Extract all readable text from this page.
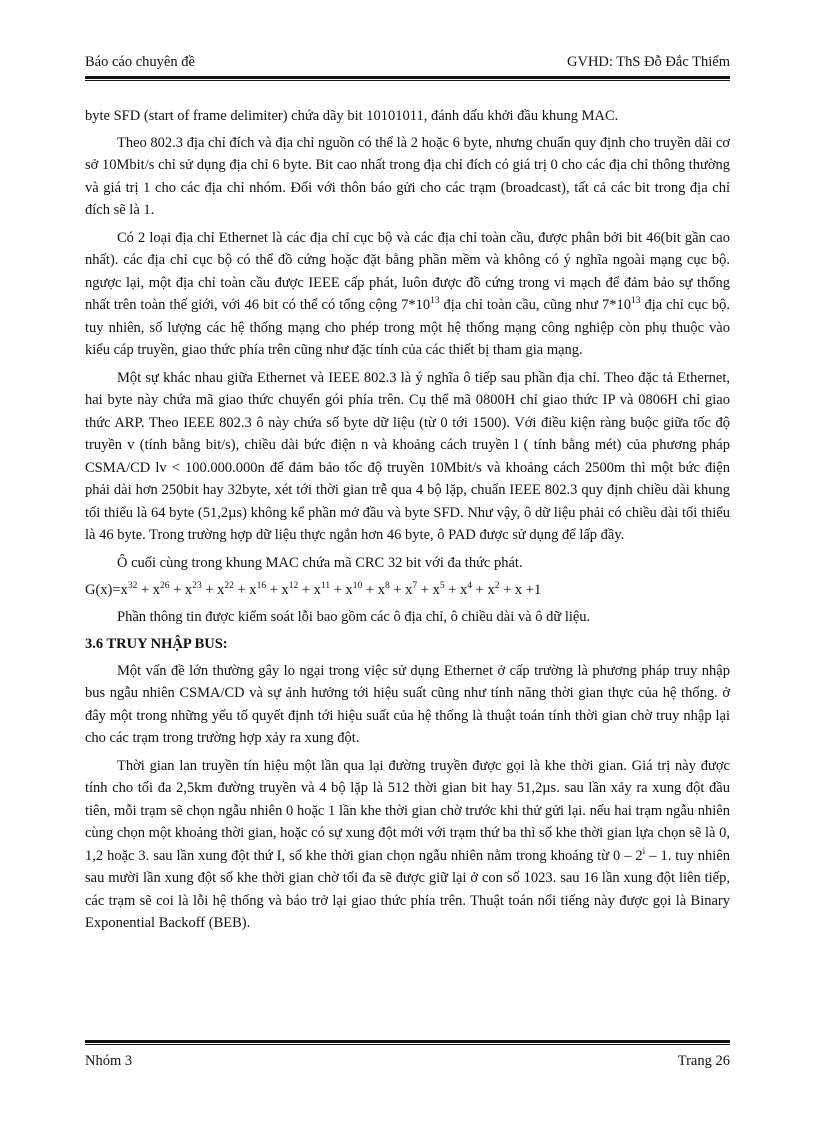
Báo cáo chuyên đề	GVHD: ThS Đỗ Đắc Thiểm

byte SFD (start of frame delimiter) chứa dãy bit 10101011, đánh dấu khởi đầu khung MAC.

Theo 802.3 địa chỉ đích và địa chỉ nguồn có thể là 2 hoặc 6 byte, nhưng chuẩn quy định cho truyền dãi cơ sở 10Mbit/s chỉ sử dụng địa chỉ 6 byte. Bit cao nhất trong địa chỉ đích có giá trị 0 cho các địa chỉ thông thường và giá trị 1 cho các địa chỉ nhóm. Đối với thôn báo gửi cho các trạm (broadcast), tất cả các bit trong địa chỉ đích sẽ là 1.

Có 2 loại địa chỉ Ethernet là các địa chỉ cục bộ và các địa chỉ toàn cầu, được phân bởi bit 46(bit gần cao nhất). các địa chỉ cục bộ có thể đồ cứng hoặc đặt bằng phần mềm và không có ý nghĩa ngoài mạng cục bộ. ngược lại, một địa chỉ toàn cầu được IEEE cấp phát, luôn được đồ cứng trong vi mạch để đảm bảo sự thống nhất trên toàn thế giới, với 46 bit có thể có tổng cộng $7*10^{13}$ địa chỉ toàn cầu, cũng như $7*10^{13}$ địa chỉ cục bộ. tuy nhiên, số lượng các hệ thống mạng cho phép trong một hệ thống mạng công nghiệp còn phụ thuộc vào kiểu cáp truyền, giao thức phía trên cũng như đặc tính của các thiết bị tham gia mạng.

Một sự khác nhau giữa Ethernet và IEEE 802.3 là ý nghĩa ô tiếp sau phần địa chỉ. Theo đặc tả Ethernet, hai byte này chứa mã giao thức chuyển gói phía trên. Cụ thể mã 0800H chỉ giao thức IP và 0806H chỉ giao thức ARP. Theo IEEE 802.3 ô này chứa số byte dữ liệu (từ 0 tới 1500). Với điều kiện ràng buộc giữa tốc độ truyền v (tính bằng bit/s), chiều dài bức điện n và khoảng cách truyền l ( tính bằng mét) của phương pháp CSMA/CD lv < 100.000.000n để đảm bảo tốc độ truyền 10Mbit/s và khoảng cách 2500m thì một bức điện phải dài hơn 250bit hay 32byte, xét tới thời gian trễ qua 4 bộ lặp, chuẩn IEEE 802.3 quy định chiều dài khung tối thiểu là 64 byte (51,2µs) không kể phần mở đầu và byte SFD. Như vậy, ô dữ liệu phải có chiều dài tối thiểu là 46 byte. Trong trường hợp dữ liệu thực ngắn hơn 46 byte, ô PAD được sử dụng để lấp đầy.

Ô cuối cùng trong khung MAC chứa mã CRC 32 bit với đa thức phát.

$G(x)=x^{32} + x^{26} + x^{23} + x^{22} + x^{16} + x^{12} + x^{11} + x^{10} + x^8 + x^7 + x^5 + x^4 + x^2 + x +1$

Phần thông tin được kiểm soát lỗi bao gồm các ô địa chỉ, ô chiều dài và ô dữ liệu.

3.6 TRUY NHẬP BUS:

Một vấn đề lớn thường gây lo ngại trong việc sử dụng Ethernet ở cấp trường là phương pháp truy nhập bus ngẫu nhiên CSMA/CD và sự ảnh hưởng tới hiệu suất cũng như tính năng thời gian thực của hệ thống. ở đây một trong những yếu tố quyết định tới hiệu suất của hệ thống là thuật toán tính thời gian chờ truy nhập lại cho các trạm trong trường hợp xảy ra xung đột.

Thời gian lan truyền tín hiệu một lần qua lại đường truyền được gọi là khe thời gian. Giá trị này được tính cho tối đa 2,5km đường truyền và 4 bộ lặp là 512 thời gian bit hay 51,2µs. sau lần xảy ra xung đột đầu tiên, mỗi trạm sẽ chọn ngẫu nhiên 0 hoặc 1 lần khe thời gian chờ trước khi thử gửi lại. nếu hai trạm ngẫu nhiên cùng chọn một khoảng thời gian, hoặc có sự xung đột mới với trạm thứ ba thì số khe thời gian lựa chọn sẽ là 0, 1,2 hoặc 3. sau lần xung đột thứ I, số khe thời gian chọn ngẫu nhiên nằm trong khoảng từ 0 – 2$^i$ – 1. tuy nhiên sau mười lần xung đột số khe thời gian chờ tối đa sẽ được giữ lại ở con số 1023. sau 16 lần xung đột liên tiếp, các trạm sẽ coi là lỗi hệ thống và báo trở lại giao thức phía trên. Thuật toán nổi tiếng này được gọi là Binary Exponential Backoff (BEB).

Nhóm 3	Trang 26
